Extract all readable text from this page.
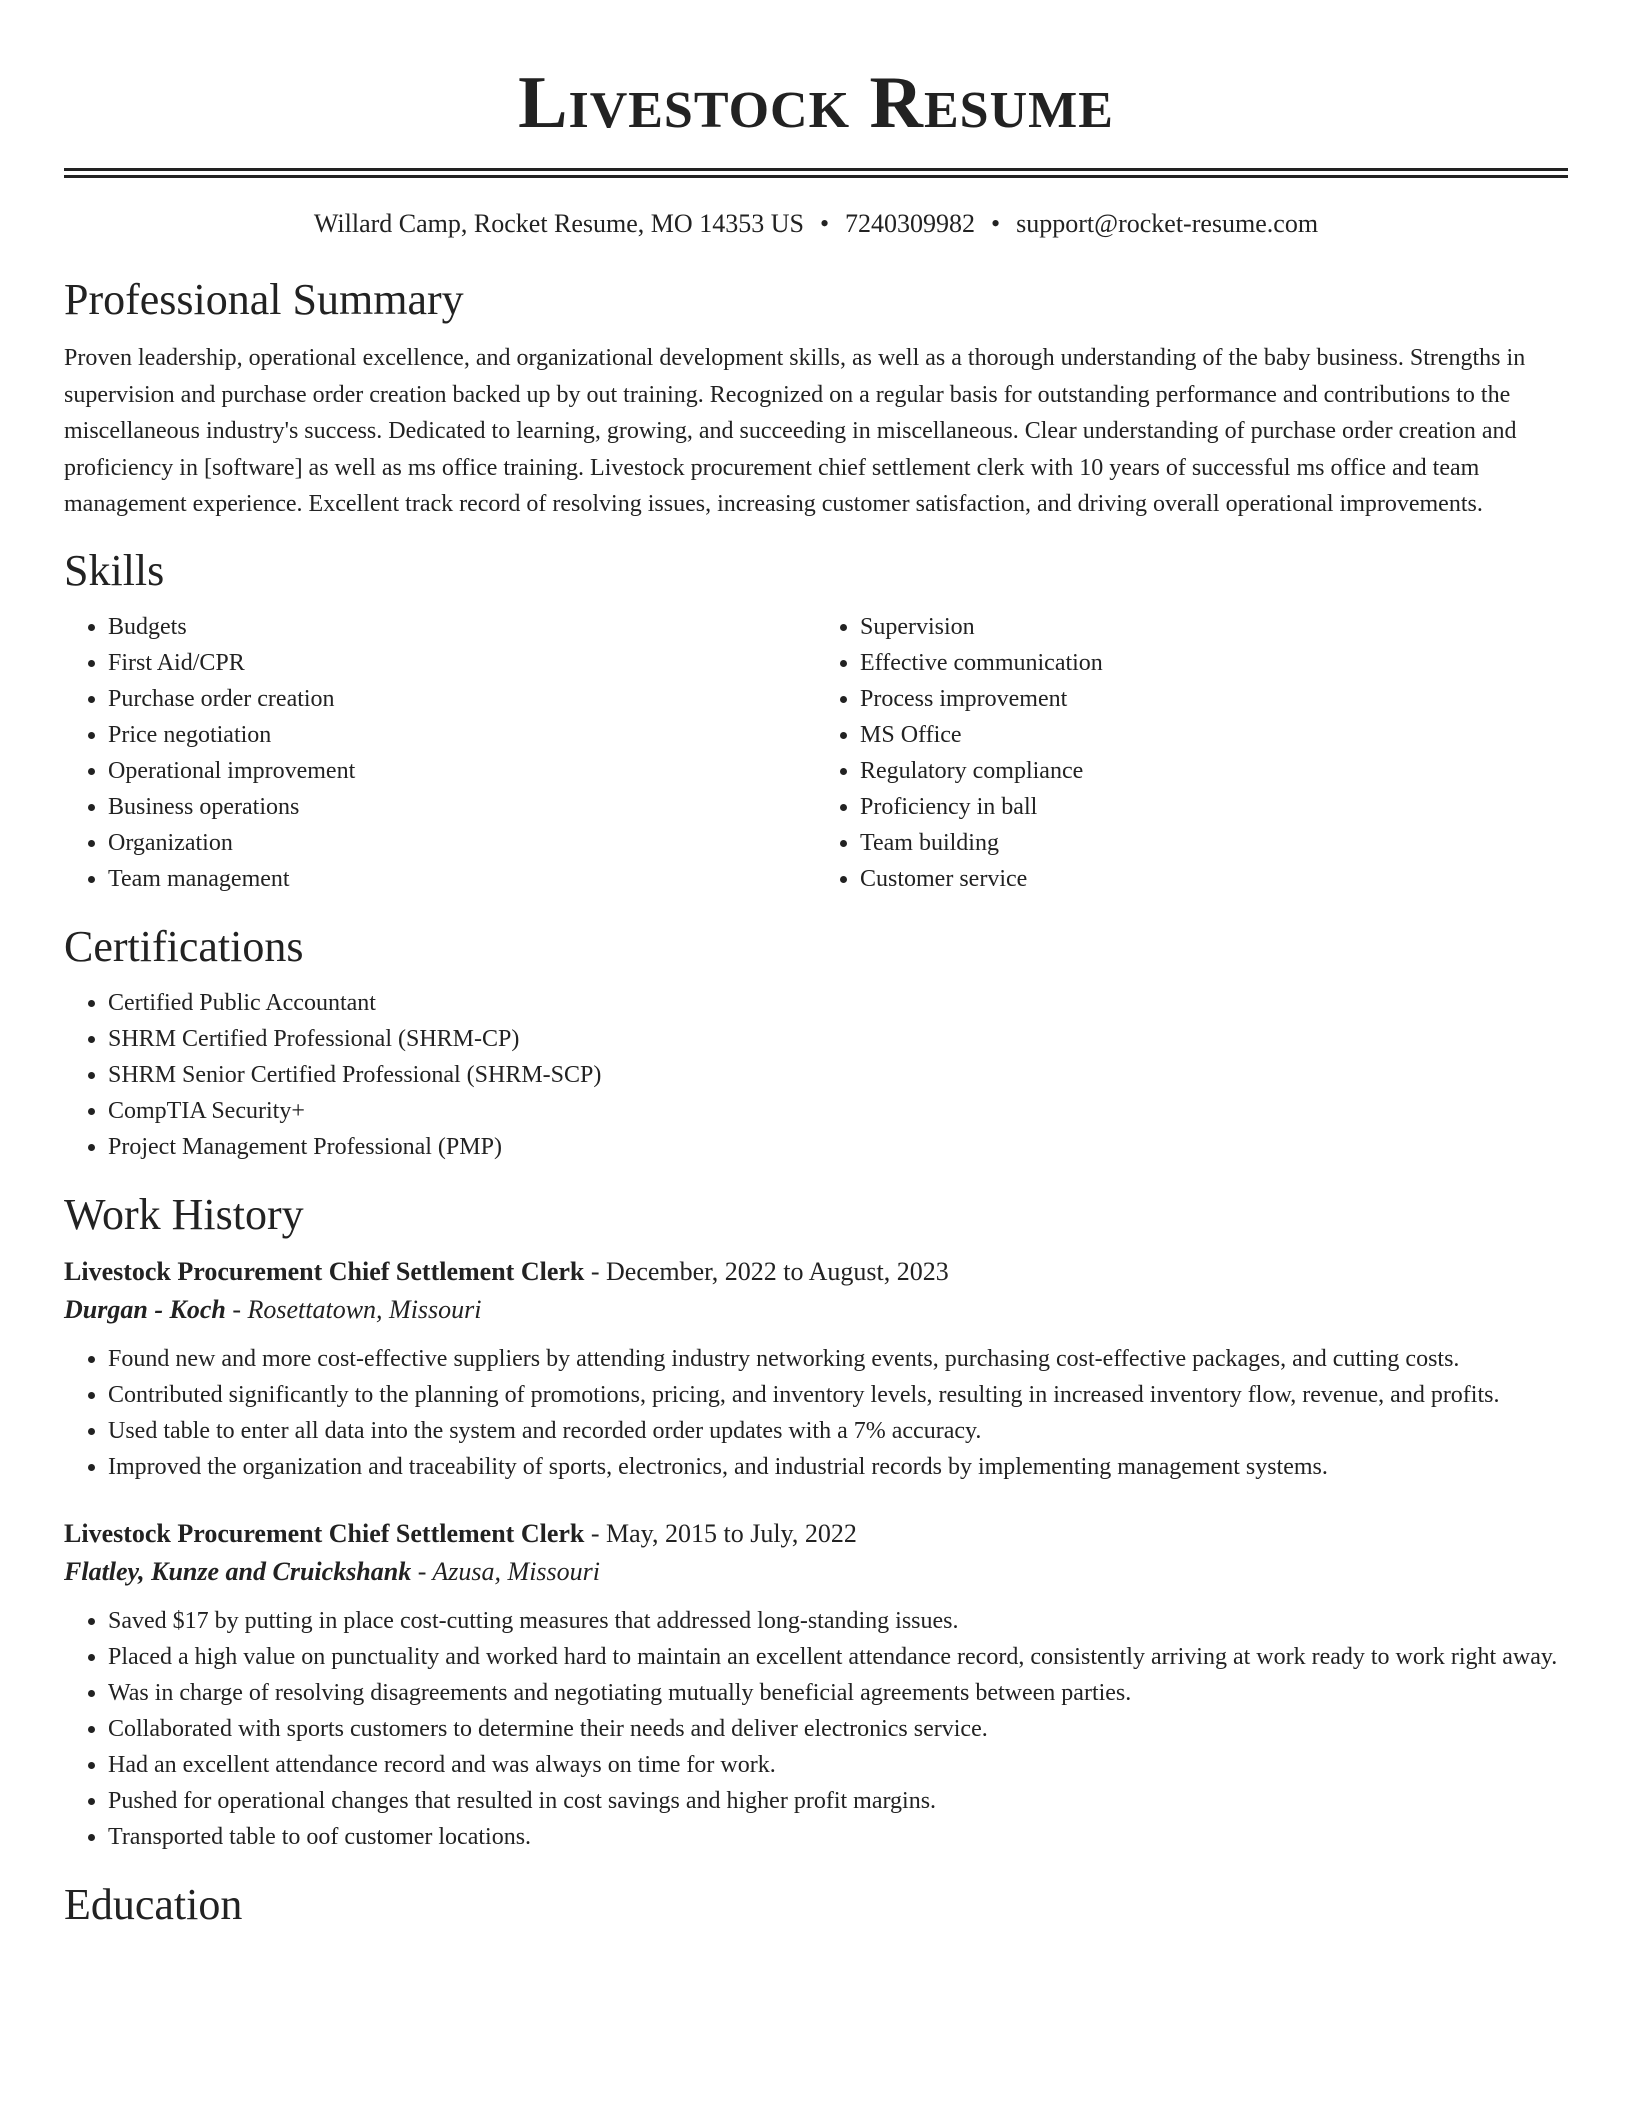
Livestock Resume
Willard Camp, Rocket Resume, MO 14353 US • 7240309982 • support@rocket-resume.com
Professional Summary

Proven leadership, operational excellence, and organizational development skills, as well as a thorough understanding of the baby business. Strengths in supervision and purchase order creation backed up by out training. Recognized on a regular basis for outstanding performance and contributions to the miscellaneous industry's success. Dedicated to learning, growing, and succeeding in miscellaneous. Clear understanding of purchase order creation and proficiency in [software] as well as ms office training. Livestock procurement chief settlement clerk with 10 years of successful ms office and team management experience. Excellent track record of resolving issues, increasing customer satisfaction, and driving overall operational improvements.

Skills
• Budgets
• First Aid/CPR
• Purchase order creation
• Price negotiation
• Operational improvement
• Business operations
• Organization
• Team management
• Supervision
• Effective communication
• Process improvement
• MS Office
• Regulatory compliance
• Proficiency in ball
• Team building
• Customer service
Certifications
• Certified Public Accountant
• SHRM Certified Professional (SHRM-CP)
• SHRM Senior Certified Professional (SHRM-SCP)
• CompTIA Security+
• Project Management Professional (PMP)
Work History
Livestock Procurement Chief Settlement Clerk - December, 2022 to August, 2023
Durgan - Koch - Rosettatown, Missouri
• Found new and more cost-effective suppliers by attending industry networking events, purchasing cost-effective packages, and cutting costs.
• Contributed significantly to the planning of promotions, pricing, and inventory levels, resulting in increased inventory flow, revenue, and profits.
• Used table to enter all data into the system and recorded order updates with a 7% accuracy.
• Improved the organization and traceability of sports, electronics, and industrial records by implementing management systems.
Livestock Procurement Chief Settlement Clerk - May, 2015 to July, 2022
Flatley, Kunze and Cruickshank - Azusa, Missouri
• Saved $17 by putting in place cost-cutting measures that addressed long-standing issues.
• Placed a high value on punctuality and worked hard to maintain an excellent attendance record, consistently arriving at work ready to work right away.
• Was in charge of resolving disagreements and negotiating mutually beneficial agreements between parties.
• Collaborated with sports customers to determine their needs and deliver electronics service.
• Had an excellent attendance record and was always on time for work.
• Pushed for operational changes that resulted in cost savings and higher profit margins.
• Transported table to oof customer locations.
Education
